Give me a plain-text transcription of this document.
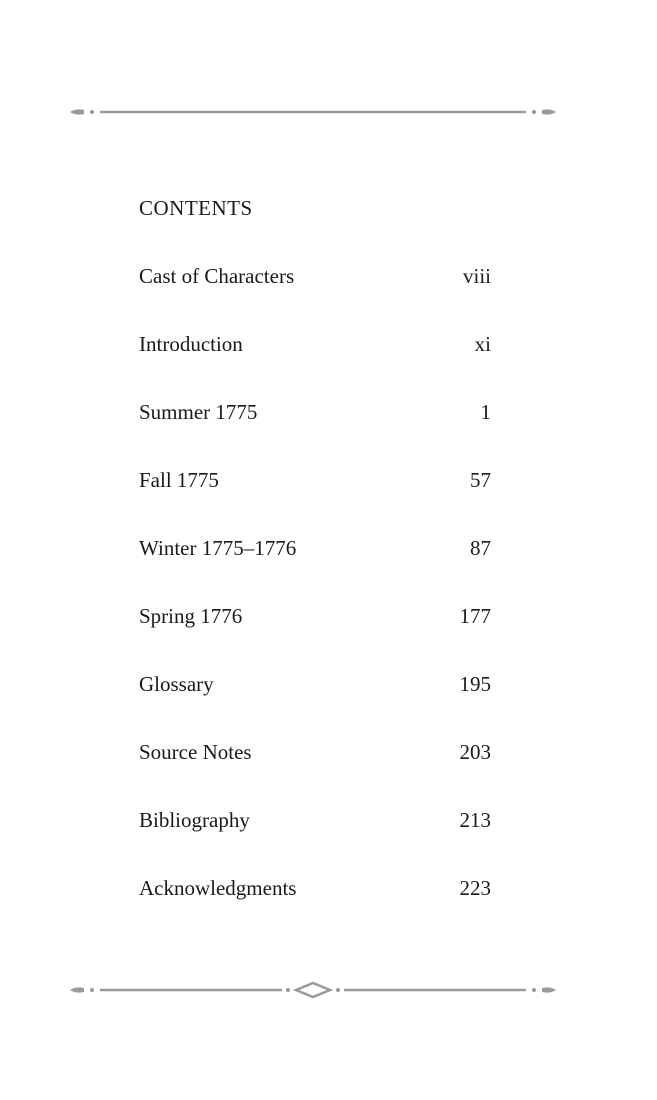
CONTENTS
Cast of Characters	viii
Introduction	xi
Summer 1775	1
Fall 1775	57
Winter 1775–1776	87
Spring 1776	177
Glossary	195
Source Notes	203
Bibliography	213
Acknowledgments	223
